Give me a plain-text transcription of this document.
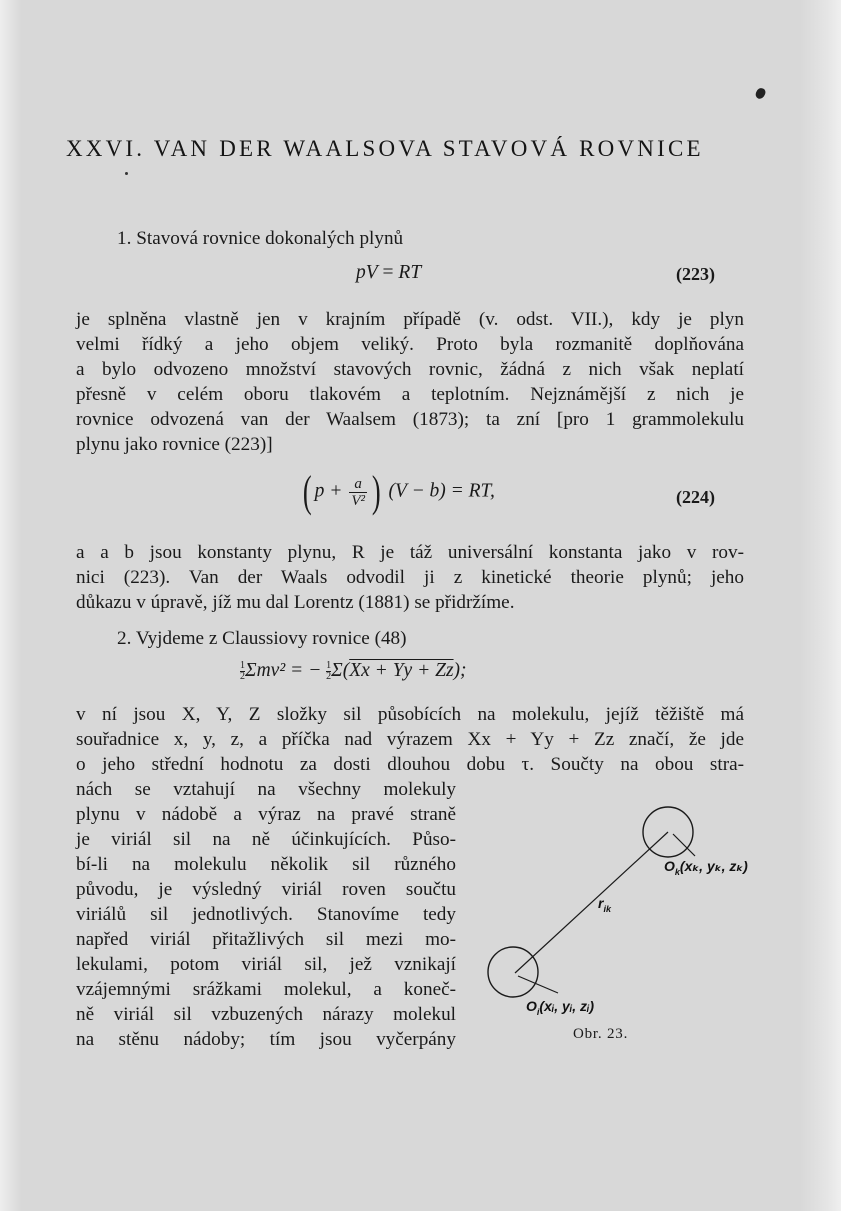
XXVI. VAN DER WAALSOVA STAVOVÁ ROVNICE
1. Stavová rovnice dokonalých plynů
pV = RT	(223)
je splněna vlastně jen v krajním případě (v. odst. VII.), kdy je plyn
velmi řídký a jeho objem veliký. Proto byla rozmanitě doplňována
a bylo odvozeno množství stavových rovnic, žádná z nich však neplatí
přesně v celém oboru tlakovém a teplotním. Nejznámější z nich je
rovnice odvozená van der Waalsem (1873); ta zní [pro 1 grammolekulu
plynu jako rovnice (223)]
( $p + \frac{a}{\text{V²}}$ ) (V − b) = RT,	(224)
a a b jsou konstanty plynu, R je táž universální konstanta jako v rov-
nici (223). Van der Waals odvodil ji z kinetické theorie plynů; jeho
důkazu v úpravě, jíž mu dal Lorentz (1881) se přidržíme.
2. Vyjdeme z Claussiovy rovnice (48)
$\frac{1}{2} \Sigma mv^2$ = − $\frac{1}{2} \Sigma(Xx + Yy + Zz)$;
v ní jsou X, Y, Z složky sil působících na molekulu, jejíž těžiště má
souřadnice x, y, z, a příčka nad výrazem Xx + Yy + Zz značí, že jde
o jeho střední hodnotu za dosti dlouhou dobu τ. Součty na obou stra-
nách se vztahují na všechny molekuly
plynu v nádobě a výraz na pravé straně
je viriál sil na ně účinkujících. Půso-
bí-li na molekulu několik sil různého
původu, je výsledný viriál roven součtu
viriálů sil jednotlivých. Stanovíme tedy
napřed viriál přitažlivých sil mezi mo-
lekulami, potom viriál sil, jež vznikají
vzájemnými srážkami molekul, a koneč-
ně viriál sil vzbuzených nárazy molekul
na stěnu nádoby; tím jsou vyčerpány
$O_k(x_k$, yₖ, zₖ)
$r_{ik}$
$O_i(xᵢ$, yᵢ, zᵢ)
Obr. 23.
